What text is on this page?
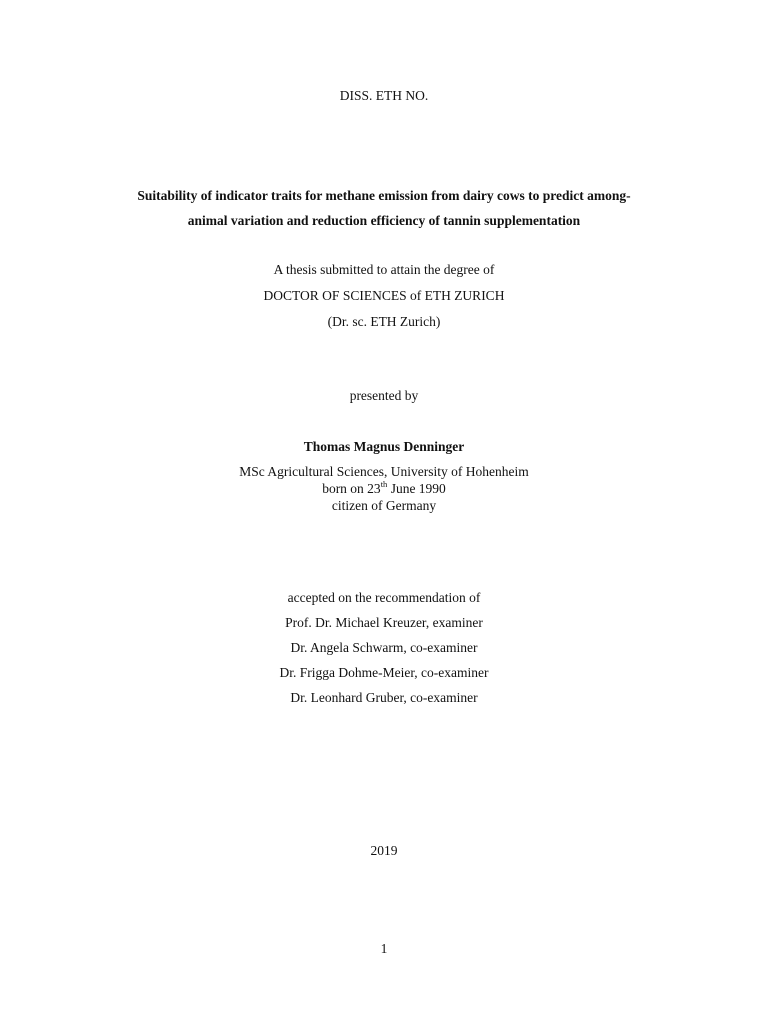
DISS. ETH NO.
Suitability of indicator traits for methane emission from dairy cows to predict among-
animal variation and reduction efficiency of tannin supplementation
A thesis submitted to attain the degree of
DOCTOR OF SCIENCES of ETH ZURICH
(Dr. sc. ETH Zurich)
presented by
Thomas Magnus Denninger
MSc Agricultural Sciences, University of Hohenheim
born on 23th June 1990
citizen of Germany
accepted on the recommendation of
Prof. Dr. Michael Kreuzer, examiner
Dr. Angela Schwarm, co-examiner
Dr. Frigga Dohme-Meier, co-examiner
Dr. Leonhard Gruber, co-examiner
2019
1
